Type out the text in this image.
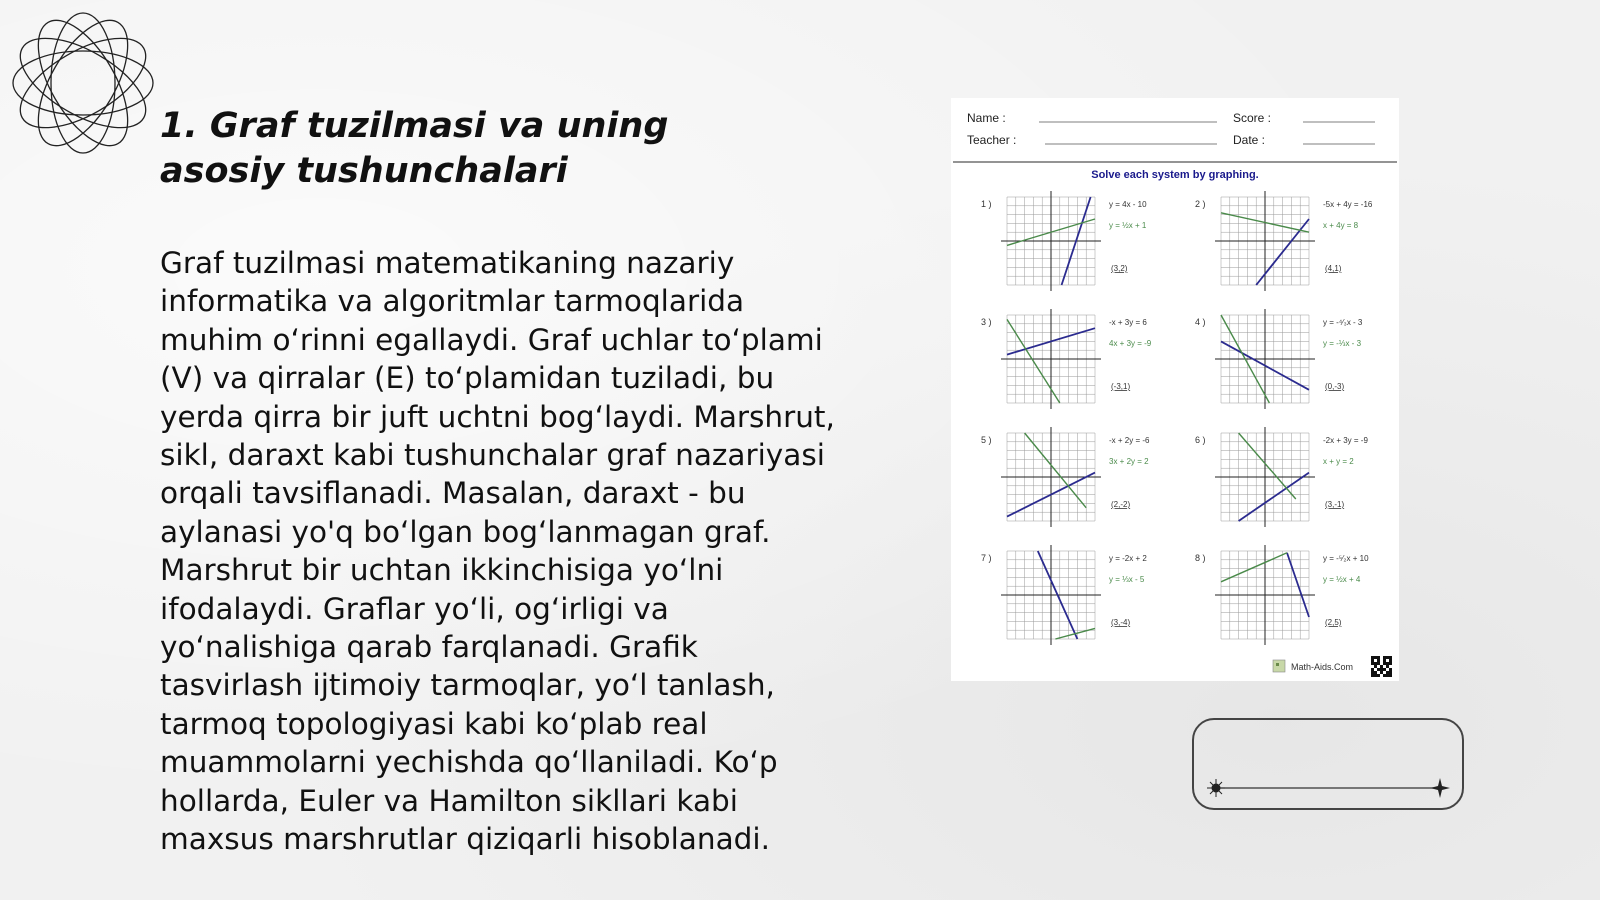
1. Graf tuzilmasi va uning asosiy tushunchalari

Graf tuzilmasi matematikaning nazariy informatika va algoritmlar tarmoqlarida muhim o‘rinni egallaydi. Graf uchlar to‘plami (V) va qirralar (E) to‘plamidan tuziladi, bu yerda qirra bir juft uchtni bog‘laydi. Marshrut, sikl, daraxt kabi tushunchalar graf nazariyasi orqali tavsiflanadi. Masalan, daraxt - bu aylanasi yo'q bo‘lgan bog‘lanmagan graf. Marshrut bir uchtan ikkinchisiga yo‘lni ifodalaydi. Graflar yo‘li, og‘irligi va yo‘nalishiga qarab farqlanadi. Grafik tasvirlash ijtimoiy tarmoqlar, yo‘l tanlash, tarmoq topologiyasi kabi ko‘plab real muammolarni yechishda qo‘llaniladi. Ko‘p hollarda, Euler va Hamilton sikllari kabi maxsus marshrutlar qiziqarli hisoblanadi.

Name :
Teacher :
Score :
Date :
Solve each system by graphing.
1 )	y = 4x - 10
y = ½x + 1
(3,2)
2 )	-5x + 4y = -16
x + 4y = 8
(4,1)
3 )	-x + 3y = 6
4x + 3y = -9
(-3,1)
4 )	y = -⁴⁄₃x - 3
y = -⅓x - 3
(0,-3)
5 )	-x + 2y = -6
3x + 2y = 2
(2,-2)
6 )	-2x + 3y = -9
x + y = 2
(3,-1)
7 )	y = -2x + 2
y = ⅓x - 5
(3,-4)
8 )	y = -⁵⁄₂x + 10
y = ½x + 4
(2,5)
Math-Aids.Com
